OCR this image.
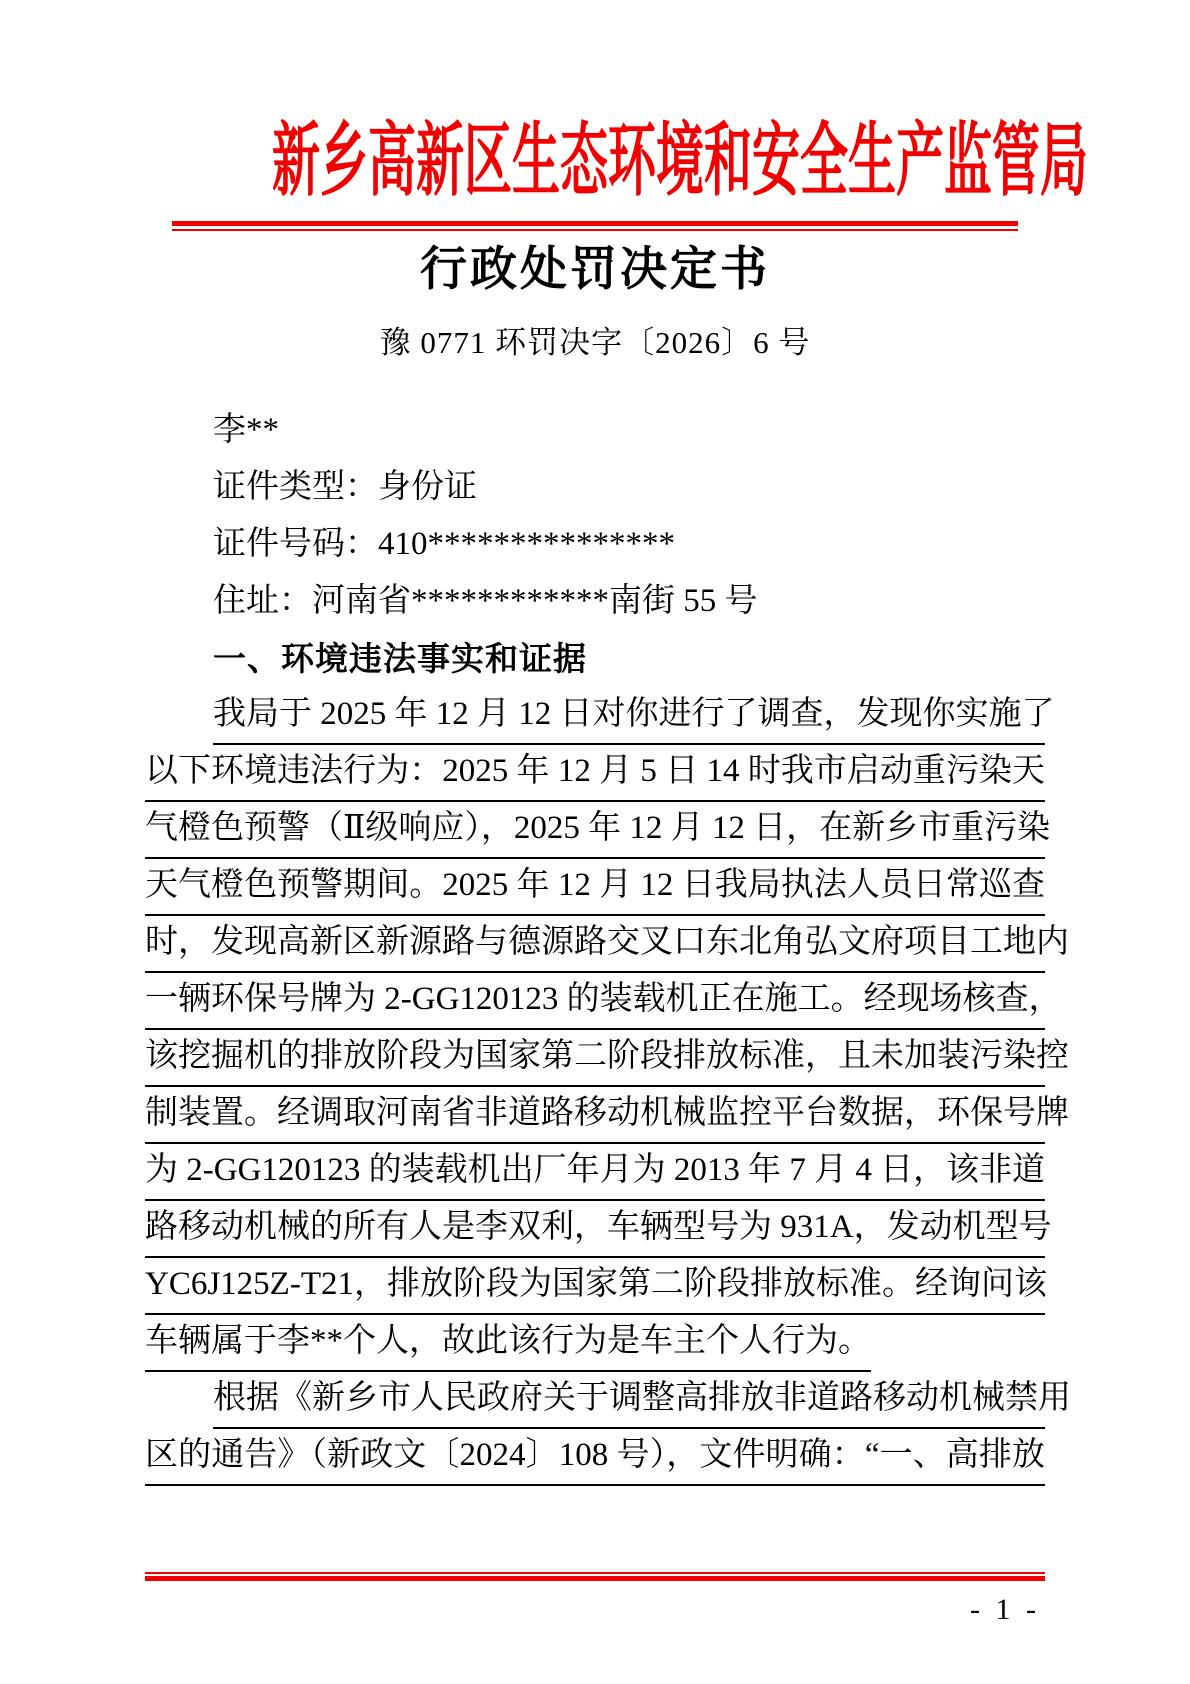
新乡高新区生态环境和安全生产监管局
行政处罚决定书
豫 0771 环罚决字〔2026〕6 号
李**
证件类型：身份证
证件号码：410***************
住址：河南省************南街 55 号
一、环境违法事实和证据
我局于 2025 年 12 月 12 日对你进行了调查，发现你实施了
以下环境违法行为：2025 年 12 月 5 日 14 时我市启动重污染天
气橙色预警（Ⅱ级响应），2025 年 12 月 12 日，在新乡市重污染
天气橙色预警期间。2025 年 12 月 12 日我局执法人员日常巡查
时，发现高新区新源路与德源路交叉口东北角弘文府项目工地内
一辆环保号牌为 2-GG120123 的装载机正在施工。经现场核查，
该挖掘机的排放阶段为国家第二阶段排放标准，且未加装污染控
制装置。经调取河南省非道路移动机械监控平台数据，环保号牌
为 2-GG120123 的装载机出厂年月为 2013 年 7 月 4 日，该非道
路移动机械的所有人是李双利，车辆型号为 931A，发动机型号
YC6J125Z-T21，排放阶段为国家第二阶段排放标准。经询问该
车辆属于李**个人，故此该行为是车主个人行为。
根据《新乡市人民政府关于调整高排放非道路移动机械禁用
区的通告》（新政文〔2024〕108 号），文件明确：“一、高排放
- 1 -
